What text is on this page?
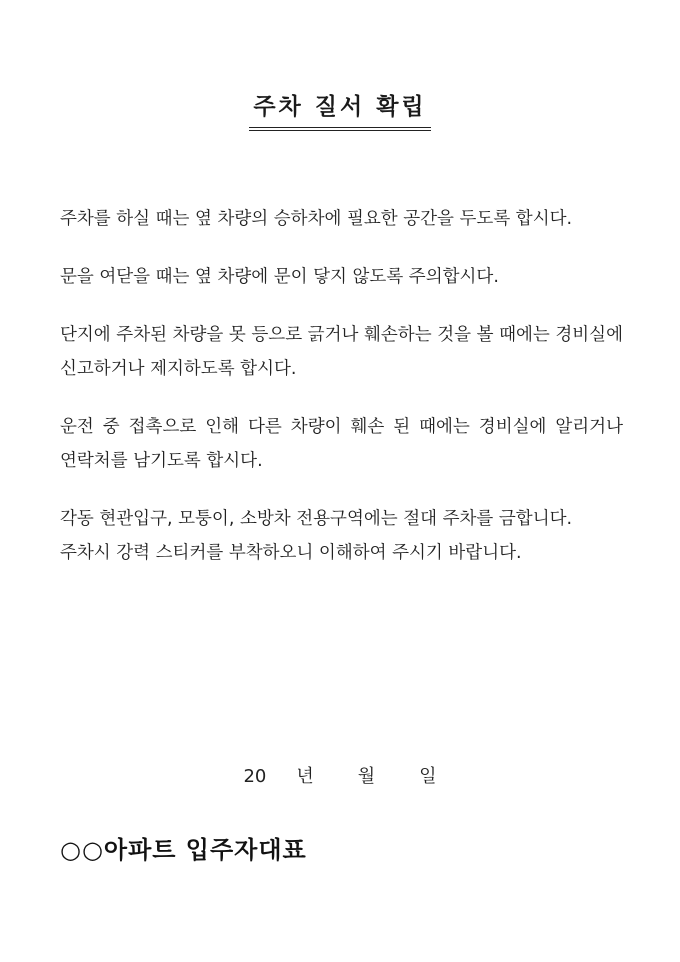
주차 질서 확립

주차를 하실 때는 옆 차량의 승하차에 필요한 공간을 두도록 합시다.

문을 여닫을 때는 옆 차량에 문이 닿지 않도록 주의합시다.

단지에 주차된 차량을 못 등으로 긁거나 훼손하는 것을 볼 때에는 경비실에 신고하거나 제지하도록 합시다.

운전 중 접촉으로 인해 다른 차량이 훼손 된 때에는 경비실에 알리거나 연락처를 남기도록 합시다.

각동 현관입구, 모퉁이, 소방차 전용구역에는 절대 주차를 금합니다.

주차시 강력 스티커를 부착하오니 이해하여 주시기 바랍니다.

20 년 월 일
○○아파트 입주자대표
